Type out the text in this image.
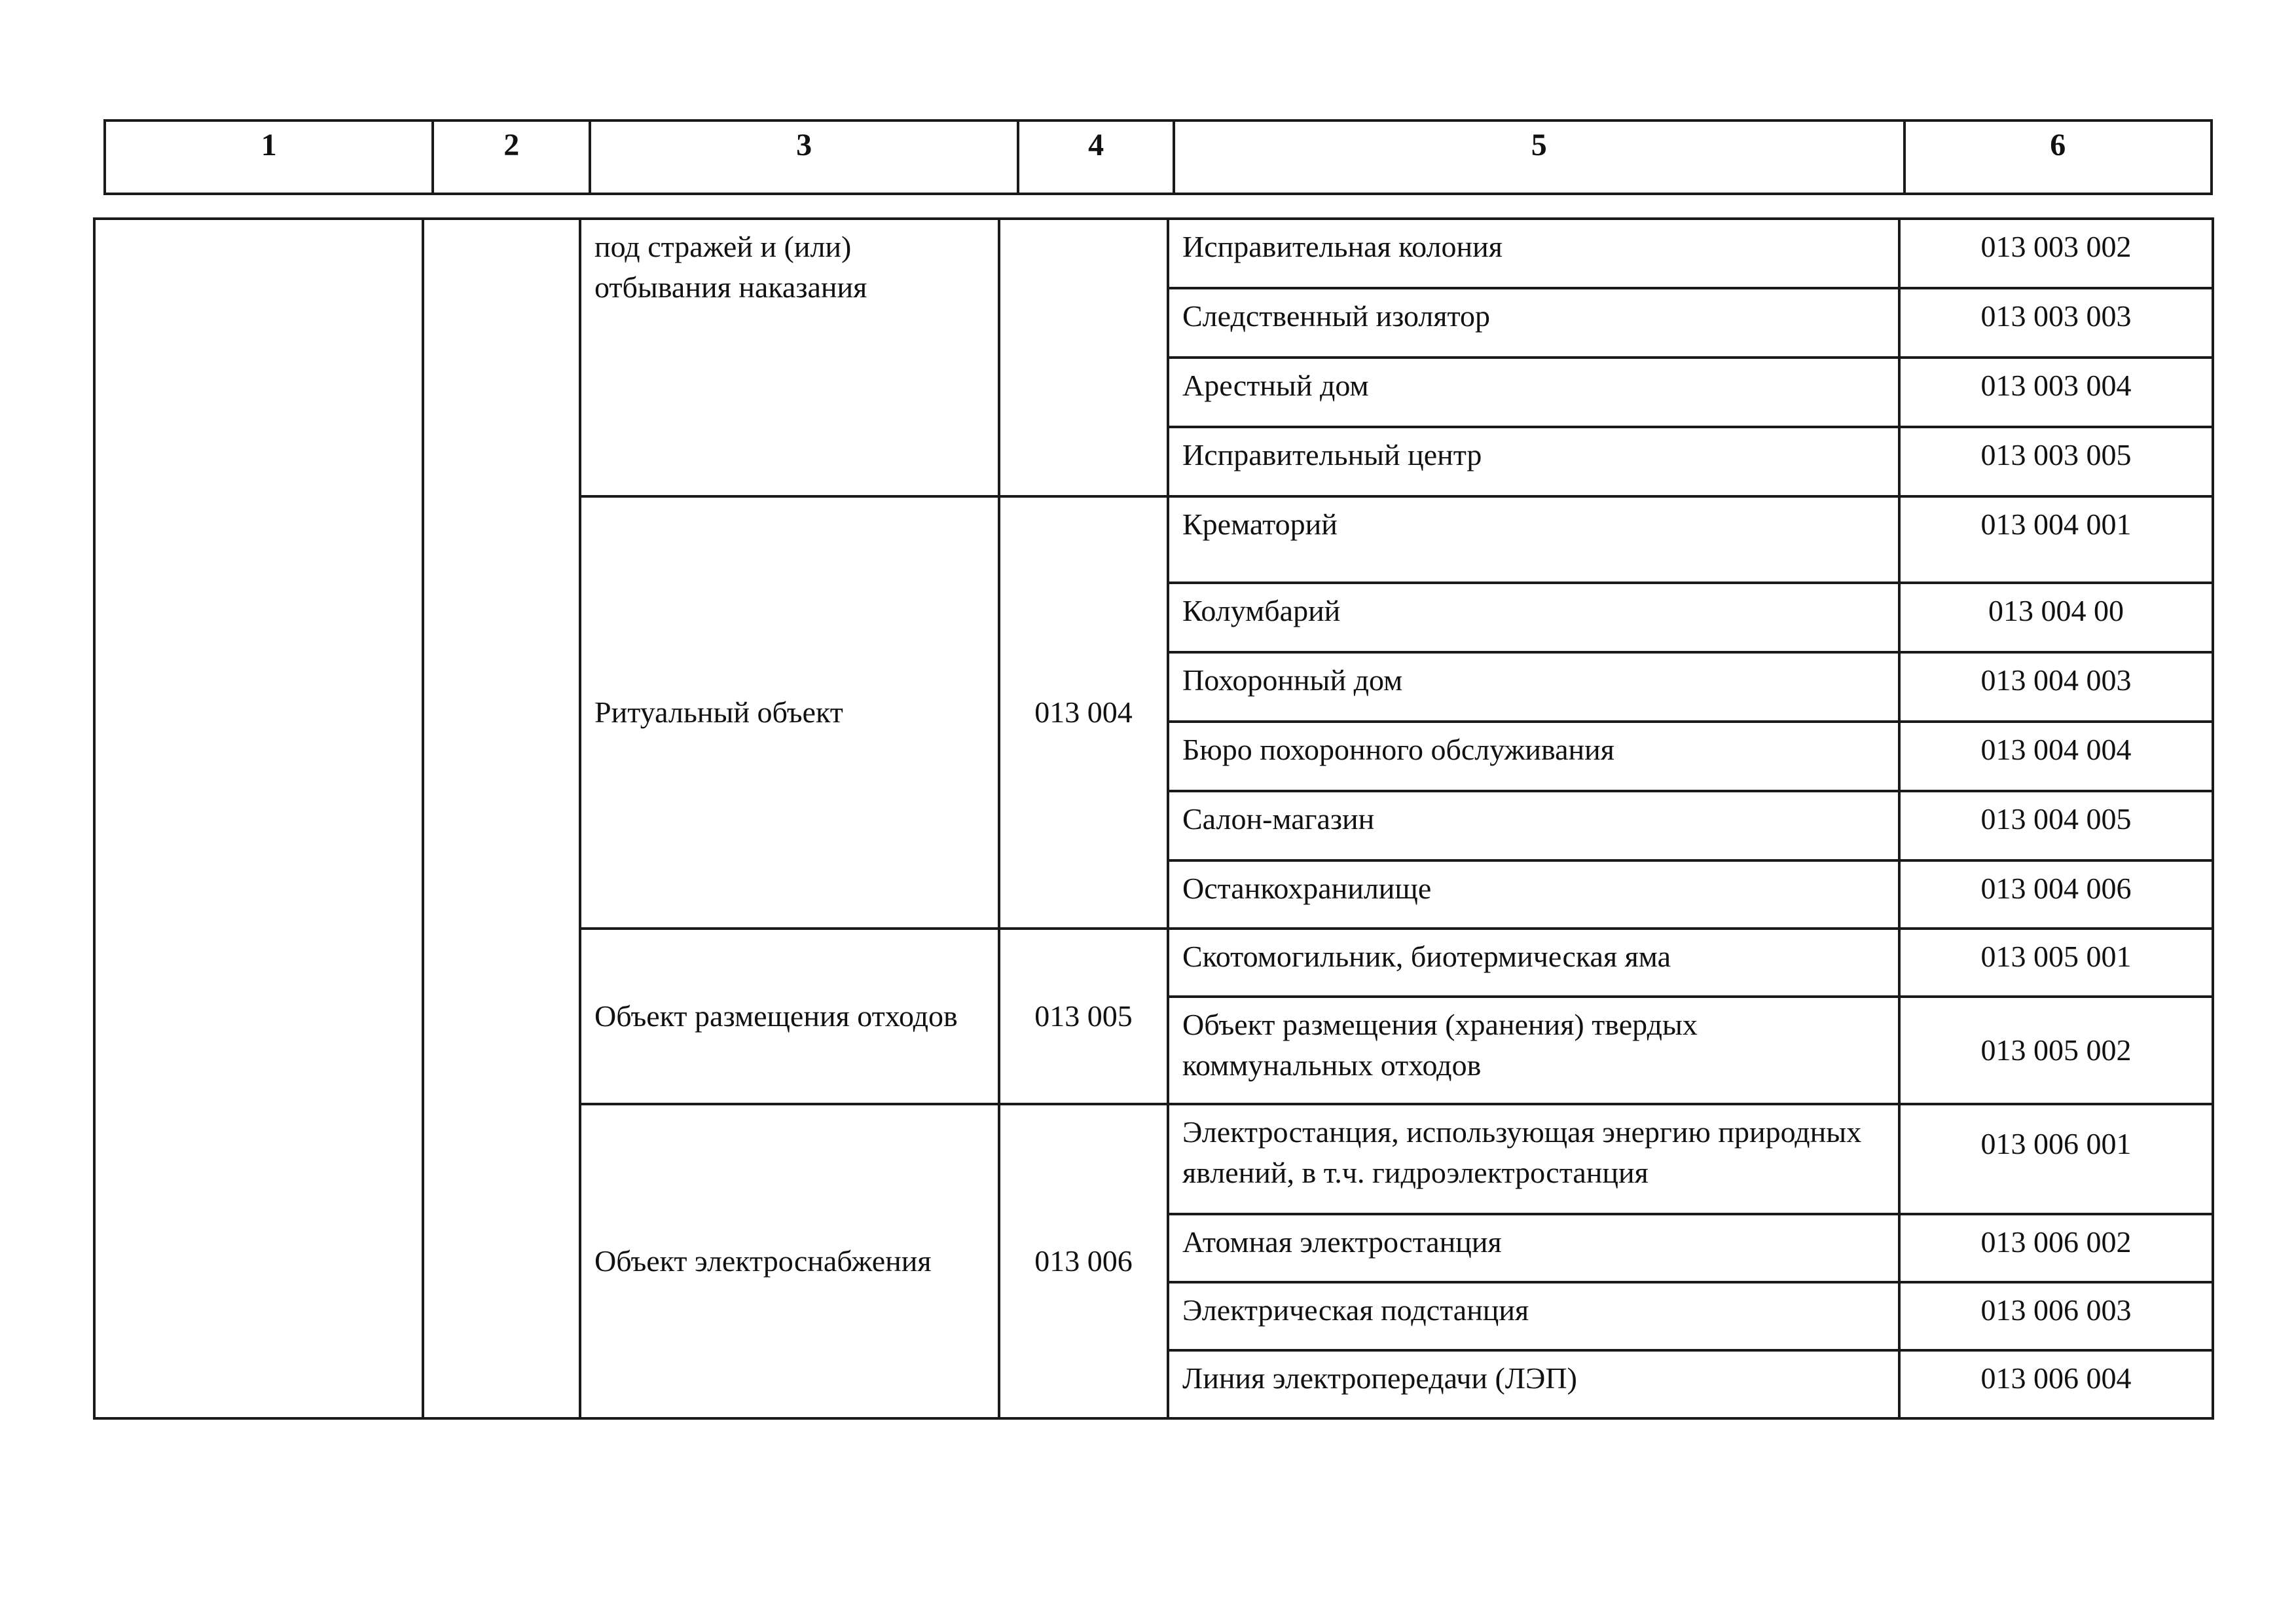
1	2	3	4	5	6
		под стражей и (или) отбывания наказания		Исправительная колония	013 003 002
				Следственный изолятор	013 003 003
				Арестный дом	013 003 004
				Исправительный центр	013 003 005
		Ритуальный объект	013 004	Крематорий	013 004 001
				Колумбарий	013 004 00
				Похоронный дом	013 004 003
				Бюро похоронного обслуживания	013 004 004
				Салон-магазин	013 004 005
				Останкохранилище	013 004 006
		Объект размещения отходов	013 005	Скотомогильник, биотермическая яма	013 005 001
				Объект размещения (хранения) твердых коммунальных отходов	013 005 002
		Объект электроснабжения	013 006	Электростанция, использующая энергию природных явлений, в т.ч. гидроэлектростанция	013 006 001
				Атомная электростанция	013 006 002
				Электрическая подстанция	013 006 003
				Линия электропередачи (ЛЭП)	013 006 004
